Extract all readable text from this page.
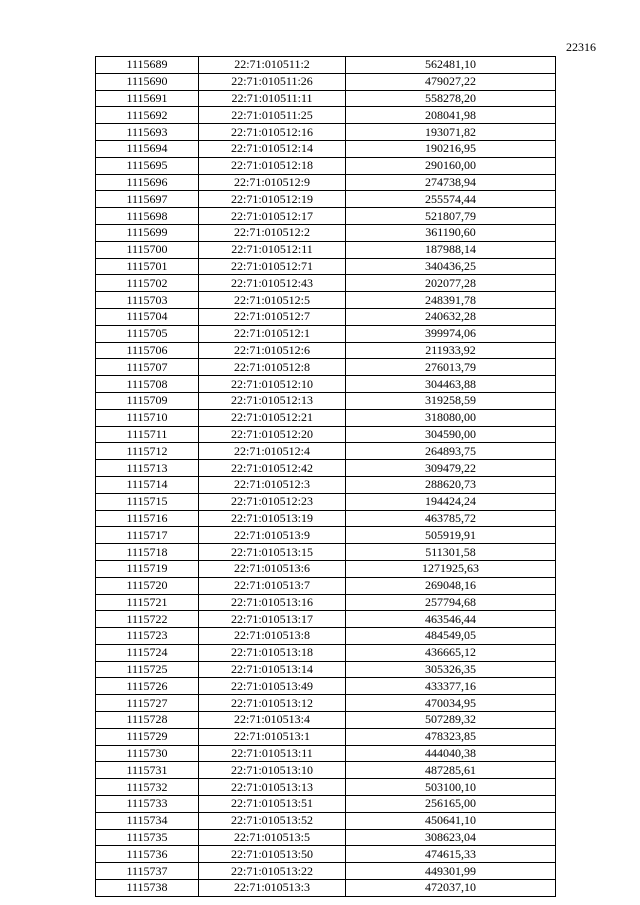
22316
1115689	22:71:010511:2	562481,10
1115690	22:71:010511:26	479027,22
1115691	22:71:010511:11	558278,20
1115692	22:71:010511:25	208041,98
1115693	22:71:010512:16	193071,82
1115694	22:71:010512:14	190216,95
1115695	22:71:010512:18	290160,00
1115696	22:71:010512:9	274738,94
1115697	22:71:010512:19	255574,44
1115698	22:71:010512:17	521807,79
1115699	22:71:010512:2	361190,60
1115700	22:71:010512:11	187988,14
1115701	22:71:010512:71	340436,25
1115702	22:71:010512:43	202077,28
1115703	22:71:010512:5	248391,78
1115704	22:71:010512:7	240632,28
1115705	22:71:010512:1	399974,06
1115706	22:71:010512:6	211933,92
1115707	22:71:010512:8	276013,79
1115708	22:71:010512:10	304463,88
1115709	22:71:010512:13	319258,59
1115710	22:71:010512:21	318080,00
1115711	22:71:010512:20	304590,00
1115712	22:71:010512:4	264893,75
1115713	22:71:010512:42	309479,22
1115714	22:71:010512:3	288620,73
1115715	22:71:010512:23	194424,24
1115716	22:71:010513:19	463785,72
1115717	22:71:010513:9	505919,91
1115718	22:71:010513:15	511301,58
1115719	22:71:010513:6	1271925,63
1115720	22:71:010513:7	269048,16
1115721	22:71:010513:16	257794,68
1115722	22:71:010513:17	463546,44
1115723	22:71:010513:8	484549,05
1115724	22:71:010513:18	436665,12
1115725	22:71:010513:14	305326,35
1115726	22:71:010513:49	433377,16
1115727	22:71:010513:12	470034,95
1115728	22:71:010513:4	507289,32
1115729	22:71:010513:1	478323,85
1115730	22:71:010513:11	444040,38
1115731	22:71:010513:10	487285,61
1115732	22:71:010513:13	503100,10
1115733	22:71:010513:51	256165,00
1115734	22:71:010513:52	450641,10
1115735	22:71:010513:5	308623,04
1115736	22:71:010513:50	474615,33
1115737	22:71:010513:22	449301,99
1115738	22:71:010513:3	472037,10
